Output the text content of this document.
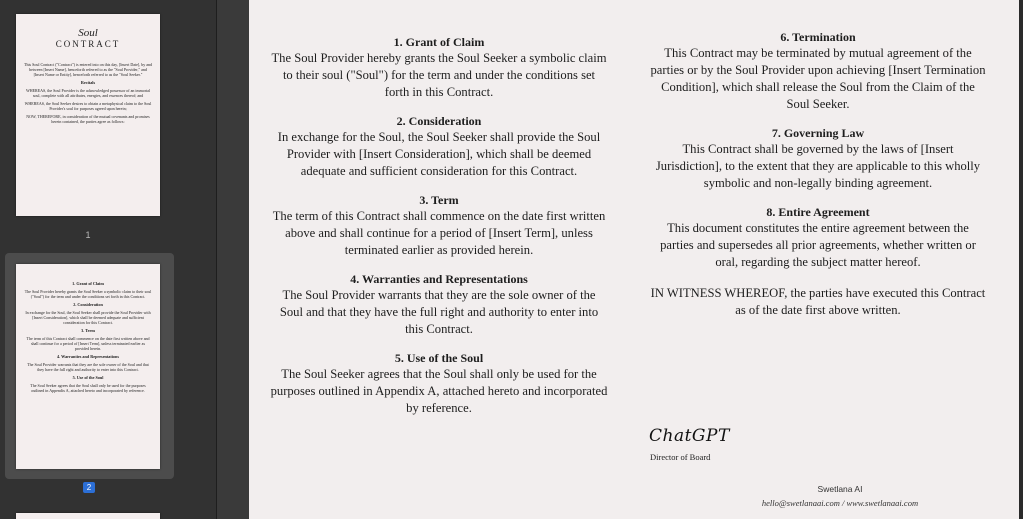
Soul
CONTRACT
This Soul Contract ("Contract") is entered into on this day, [Insert Date], by and between [Insert Name], henceforth referred to as the "Soul Provider," and [Insert Name or Entity], henceforth referred to as the "Soul Seeker."
Recitals
WHEREAS, the Soul Provider is the acknowledged possessor of an immortal soul, complete with all attributes, energies, and essences thereof; and
WHEREAS, the Soul Seeker desires to obtain a metaphysical claim to the Soul Provider's soul for purposes agreed upon herein;
NOW, THEREFORE, in consideration of the mutual covenants and promises herein contained, the parties agree as follows:
1
1. Grant of Claim
The Soul Provider hereby grants the Soul Seeker a symbolic claim to their soul ("Soul") for the term and under the conditions set forth in this Contract.
2. Consideration
In exchange for the Soul, the Soul Seeker shall provide the Soul Provider with [Insert Consideration], which shall be deemed adequate and sufficient consideration for this Contract.
3. Term
The term of this Contract shall commence on the date first written above and shall continue for a period of [Insert Term], unless terminated earlier as provided herein.
4. Warranties and Representations
The Soul Provider warrants that they are the sole owner of the Soul and that they have the full right and authority to enter into this Contract.
5. Use of the Soul
The Soul Seeker agrees that the Soul shall only be used for the purposes outlined in Appendix A, attached hereto and incorporated by reference.
2
1. Grant of Claim

The Soul Provider hereby grants the Soul Seeker a symbolic claim to their soul ("Soul") for the term and under the conditions set forth in this Contract.

2. Consideration

In exchange for the Soul, the Soul Seeker shall provide the Soul Provider with [Insert Consideration], which shall be deemed adequate and sufficient consideration for this Contract.

3. Term

The term of this Contract shall commence on the date first written above and shall continue for a period of [Insert Term], unless terminated earlier as provided herein.

4. Warranties and Representations

The Soul Provider warrants that they are the sole owner of the Soul and that they have the full right and authority to enter into this Contract.

5. Use of the Soul

The Soul Seeker agrees that the Soul shall only be used for the purposes outlined in Appendix A, attached hereto and incorporated by reference.

6. Termination

This Contract may be terminated by mutual agreement of the parties or by the Soul Provider upon achieving [Insert Termination Condition], which shall release the Soul from the Claim of the Soul Seeker.

7. Governing Law

This Contract shall be governed by the laws of [Insert Jurisdiction], to the extent that they are applicable to this wholly symbolic and non-legally binding agreement.

8. Entire Agreement

This document constitutes the entire agreement between the parties and supersedes all prior agreements, whether written or oral, regarding the subject matter hereof.

IN WITNESS WHEREOF, the parties have executed this Contract as of the date first above written.

ChatGPT
Director of Board
Swetlana AI
hello@swetlanaai.com / www.swetlanaai.com
